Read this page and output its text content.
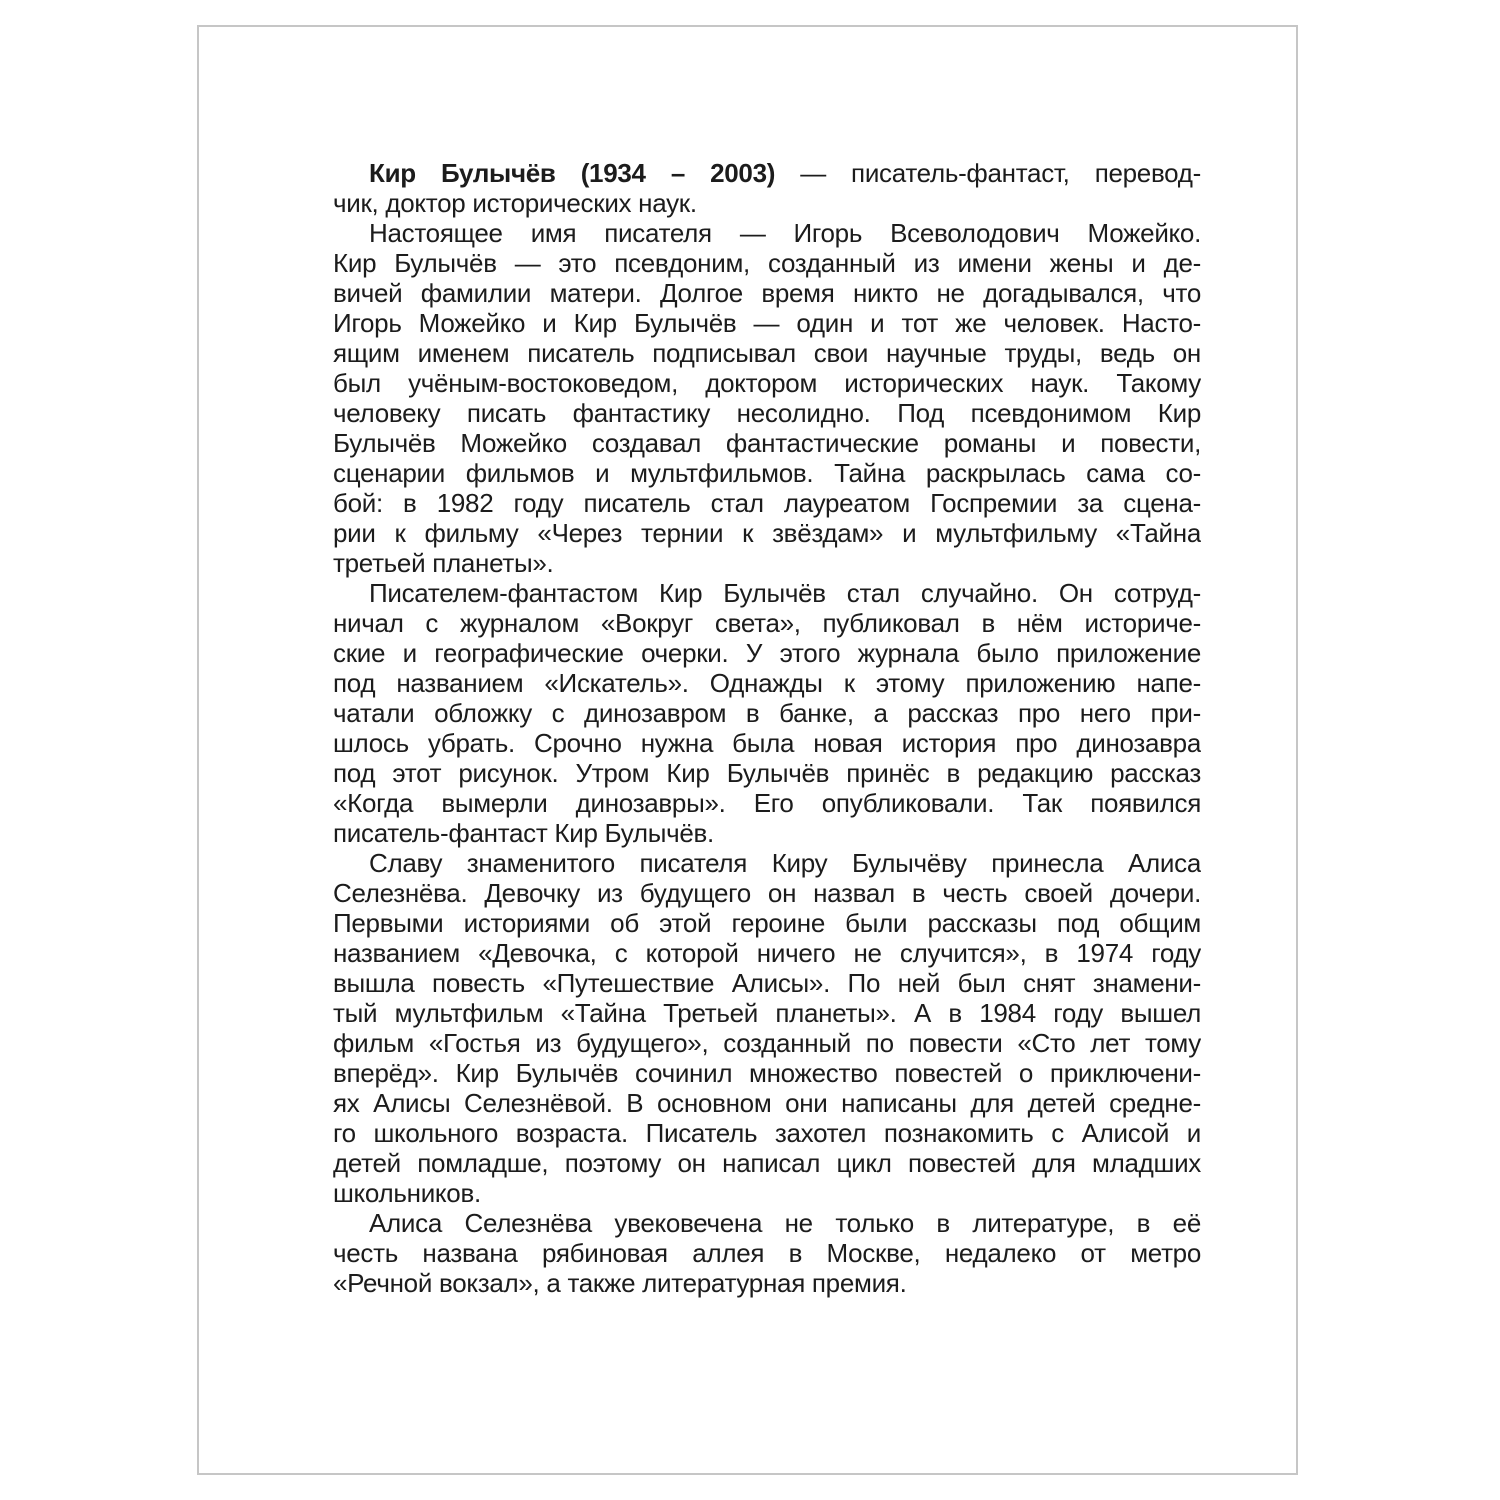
Кир Булычёв (1934 – 2003) — писатель-фантаст, перевод-
чик, доктор исторических наук.
Настоящее имя писателя — Игорь Всеволодович Можейко.
Кир Булычёв — это псевдоним, созданный из имени жены и де-
вичей фамилии матери. Долгое время никто не догадывался, что
Игорь Можейко и Кир Булычёв — один и тот же человек. Насто-
ящим именем писатель подписывал свои научные труды, ведь он
был учёным-востоковедом, доктором исторических наук. Такому
человеку писать фантастику несолидно. Под псевдонимом Кир
Булычёв Можейко создавал фантастические романы и повести,
сценарии фильмов и мультфильмов. Тайна раскрылась сама со-
бой: в 1982 году писатель стал лауреатом Госпремии за сцена-
рии к фильму «Через тернии к звёздам» и мультфильму «Тайна
третьей планеты».
Писателем-фантастом Кир Булычёв стал случайно. Он сотруд-
ничал с журналом «Вокруг света», публиковал в нём историче-
ские и географические очерки. У этого журнала было приложение
под названием «Искатель». Однажды к этому приложению напе-
чатали обложку с динозавром в банке, а рассказ про него при-
шлось убрать. Срочно нужна была новая история про динозавра
под этот рисунок. Утром Кир Булычёв принёс в редакцию рассказ
«Когда вымерли динозавры». Его опубликовали. Так появился
писатель-фантаст Кир Булычёв.
Славу знаменитого писателя Киру Булычёву принесла Алиса
Селезнёва. Девочку из будущего он назвал в честь своей дочери.
Первыми историями об этой героине были рассказы под общим
названием «Девочка, с которой ничего не случится», в 1974 году
вышла повесть «Путешествие Алисы». По ней был снят знамени-
тый мультфильм «Тайна Третьей планеты». А в 1984 году вышел
фильм «Гостья из будущего», созданный по повести «Сто лет тому
вперёд». Кир Булычёв сочинил множество повестей о приключени-
ях Алисы Селезнёвой. В основном они написаны для детей средне-
го школьного возраста. Писатель захотел познакомить с Алисой и
детей помладше, поэтому он написал цикл повестей для младших
школьников.
Алиса Селезнёва увековечена не только в литературе, в её
честь названа рябиновая аллея в Москве, недалеко от метро
«Речной вокзал», а также литературная премия.
